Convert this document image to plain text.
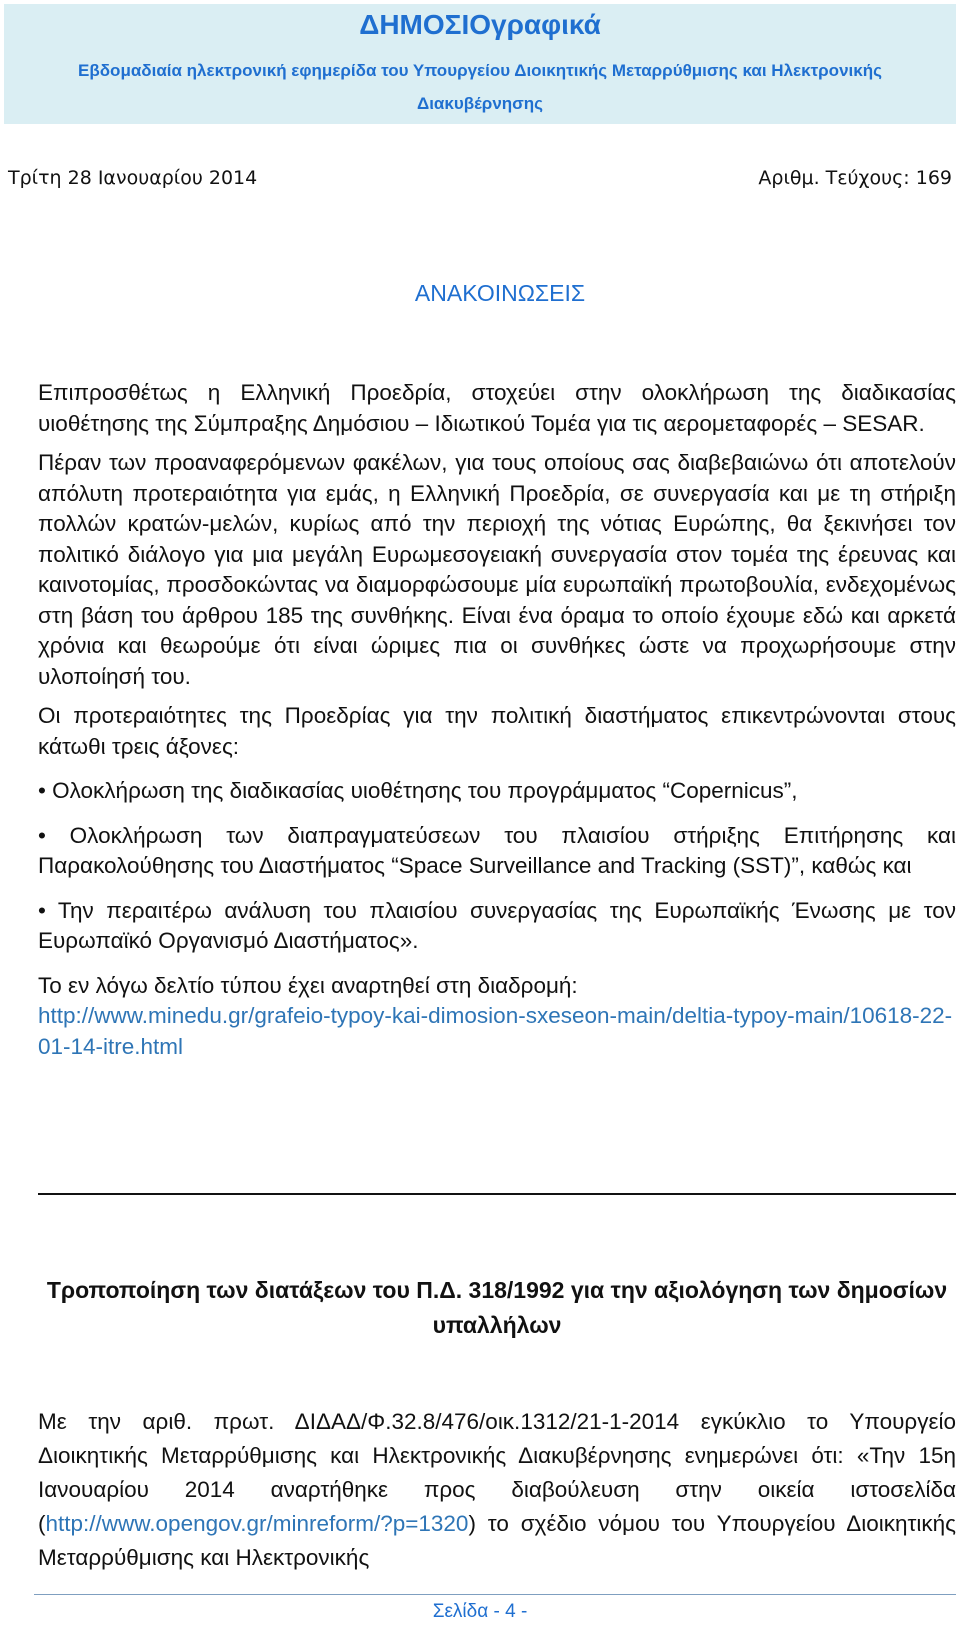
ΔΗΜΟΣΙΟγραφικά
Εβδομαδιαία ηλεκτρονική εφημερίδα του Υπουργείου Διοικητικής Μεταρρύθμισης και Ηλεκτρονικής Διακυβέρνησης
Τρίτη 28 Ιανουαρίου 2014	Αριθμ. Τεύχους: 169
ΑΝΑΚΟΙΝΩΣΕΙΣ

Επιπροσθέτως η Ελληνική Προεδρία, στοχεύει στην ολοκλήρωση της διαδικασίας υιοθέτησης της Σύμπραξης Δημόσιου – Ιδιωτικού Τομέα για τις αερομεταφορές – SESAR.

Πέραν των προαναφερόμενων φακέλων, για τους οποίους σας διαβεβαιώνω ότι αποτελούν απόλυτη προτεραιότητα για εμάς, η Ελληνική Προεδρία, σε συνεργασία και με τη στήριξη πολλών κρατών-μελών, κυρίως από την περιοχή της νότιας Ευρώπης, θα ξεκινήσει τον πολιτικό διάλογο για μια μεγάλη Ευρωμεσογειακή συνεργασία στον τομέα της έρευνας και καινοτομίας, προσδοκώντας να διαμορφώσουμε μία ευρωπαϊκή πρωτοβουλία, ενδεχομένως στη βάση του άρθρου 185 της συνθήκης. Είναι ένα όραμα το οποίο έχουμε εδώ και αρκετά χρόνια και θεωρούμε ότι είναι ώριμες πια οι συνθήκες ώστε να προχωρήσουμε στην υλοποίησή του.

Οι προτεραιότητες της Προεδρίας για την πολιτική διαστήματος επικεντρώνονται στους κάτωθι τρεις άξονες:

• Ολοκλήρωση της διαδικασίας υιοθέτησης του προγράμματος “Copernicus”,

• Ολοκλήρωση των διαπραγματεύσεων του πλαισίου στήριξης Επιτήρησης και Παρακολούθησης του Διαστήματος “Space Surveillance and Tracking (SST)”, καθώς και

• Την περαιτέρω ανάλυση του πλαισίου συνεργασίας της Ευρωπαϊκής Ένωσης με τον Ευρωπαϊκό Οργανισμό Διαστήματος».

Το εν λόγω δελτίο τύπου έχει αναρτηθεί στη διαδρομή:
http://www.minedu.gr/grafeio-typoy-kai-dimosion-sxeseon-main/deltia-typoy-main/10618-22-01-14-itre.html

Τροποποίηση των διατάξεων του Π.Δ. 318/1992 για την αξιολόγηση των δημοσίων υπαλλήλων
Με την αριθ. πρωτ. ΔΙΔΑΔ/Φ.32.8/476/οικ.1312/21-1-2014 εγκύκλιο το Υπουργείο Διοικητικής Μεταρρύθμισης και Ηλεκτρονικής Διακυβέρνησης ενημερώνει ότι: «Την 15η Ιανουαρίου 2014 αναρτήθηκε προς διαβούλευση στην οικεία ιστοσελίδα (http://www.opengov.gr/minreform/?p=1320) το σχέδιο νόμου του Υπουργείου Διοικητικής Μεταρρύθμισης και Ηλεκτρονικής
Σελίδα - 4 -
